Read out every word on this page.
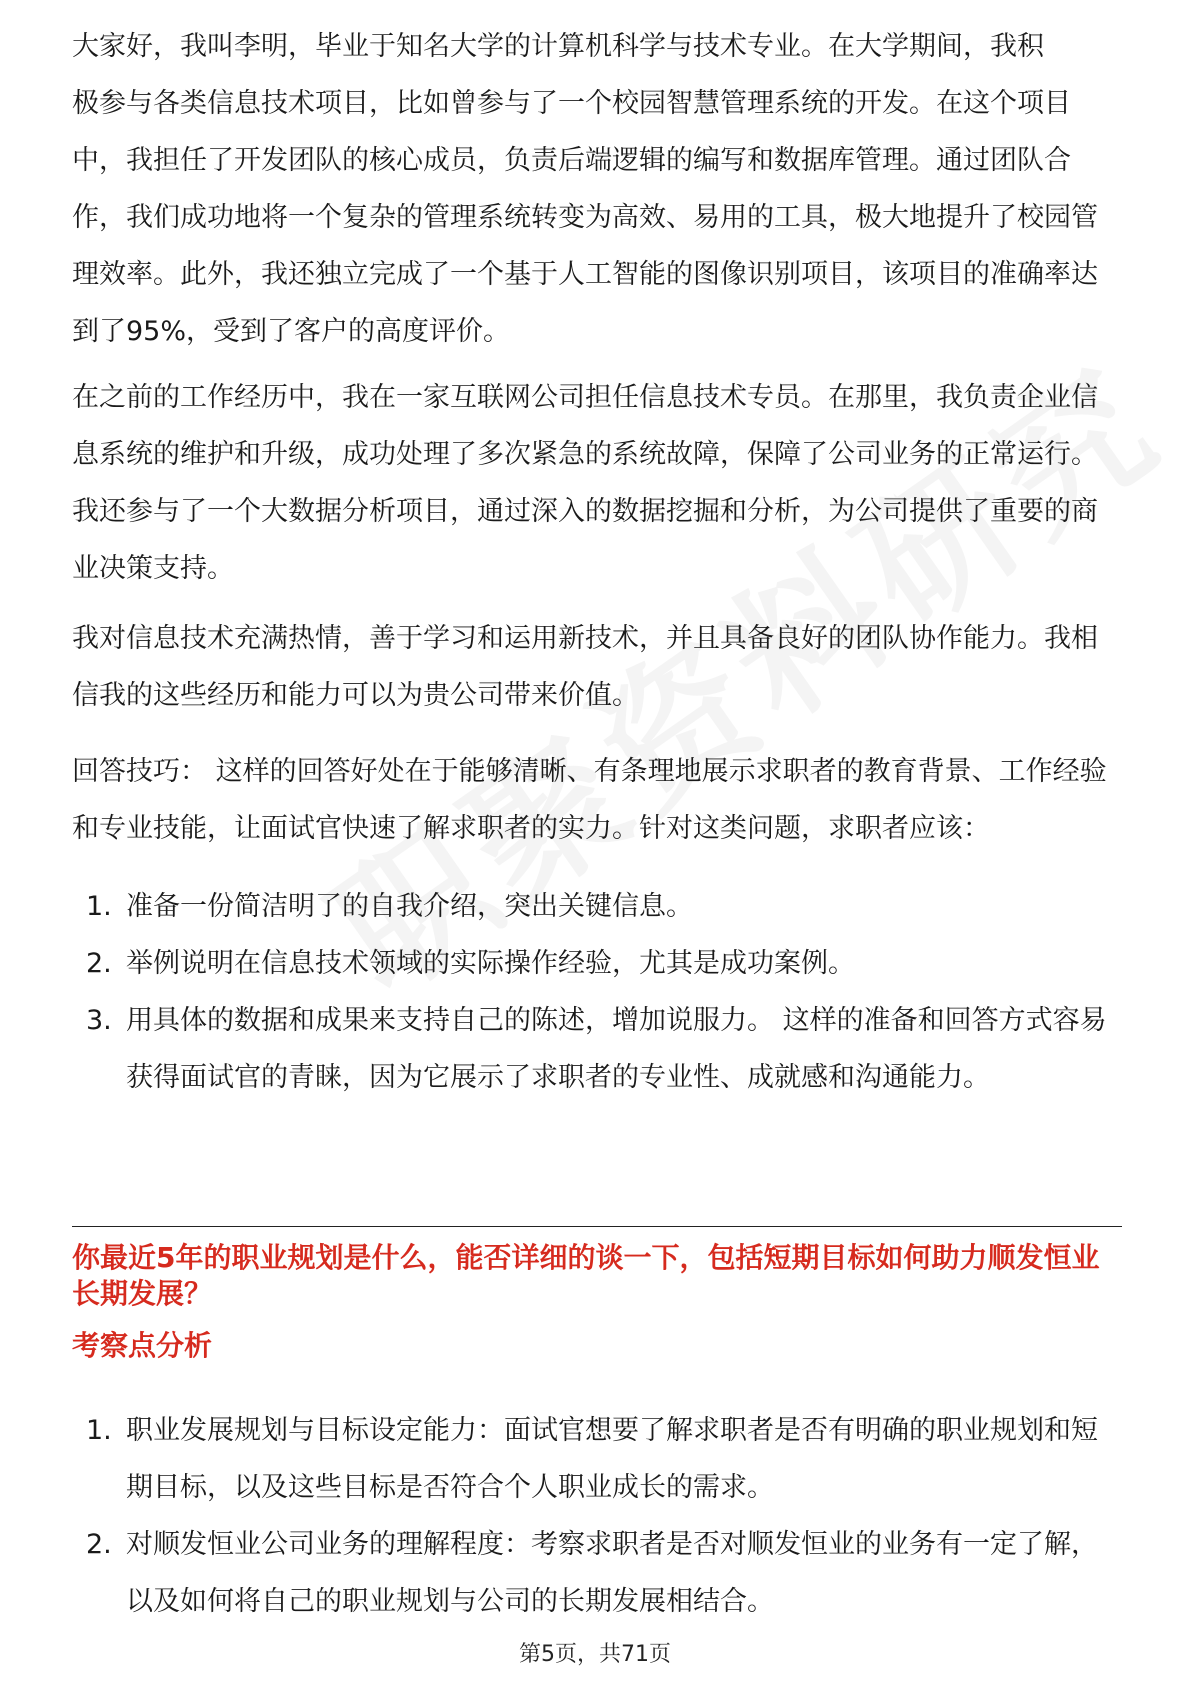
大家好，我叫李明，毕业于知名大学的计算机科学与技术专业。在大学期间，我积

极参与各类信息技术项目，比如曾参与了一个校园智慧管理系统的开发。在这个项目中，我担任了开发团队的核心成员，负责后端逻辑的编写和数据库管理。通过团队合作，我们成功地将一个复杂的管理系统转变为高效、易用的工具，极大地提升了校园管理效率。此外，我还独立完成了一个基于人工智能的图像识别项目，该项目的准确率达到了95%，受到了客户的高度评价。

在之前的工作经历中，我在一家互联网公司担任信息技术专员。在那里，我负责企业信息系统的维护和升级，成功处理了多次紧急的系统故障，保障了公司业务的正常运行。我还参与了一个大数据分析项目，通过深入的数据挖掘和分析，为公司提供了重要的商业决策支持。

我对信息技术充满热情，善于学习和运用新技术，并且具备良好的团队协作能力。我相信我的这些经历和能力可以为贵公司带来价值。

回答技巧： 这样的回答好处在于能够清晰、有条理地展示求职者的教育背景、工作经验和专业技能，让面试官快速了解求职者的实力。针对这类问题，求职者应该：

1. 准备一份简洁明了的自我介绍，突出关键信息。
2. 举例说明在信息技术领域的实际操作经验，尤其是成功案例。
3. 用具体的数据和成果来支持自己的陈述，增加说服力。 这样的准备和回答方式容易获得面试官的青睐，因为它展示了求职者的专业性、成就感和沟通能力。
你最近5年的职业规划是什么，能否详细的谈一下，包括短期目标如何助力顺发恒业长期发展？
考察点分析
1. 职业发展规划与目标设定能力：面试官想要了解求职者是否有明确的职业规划和短期目标，以及这些目标是否符合个人职业成长的需求。
2. 对顺发恒业公司业务的理解程度：考察求职者是否对顺发恒业的业务有一定了解，以及如何将自己的职业规划与公司的长期发展相结合。
第5页，共71页
